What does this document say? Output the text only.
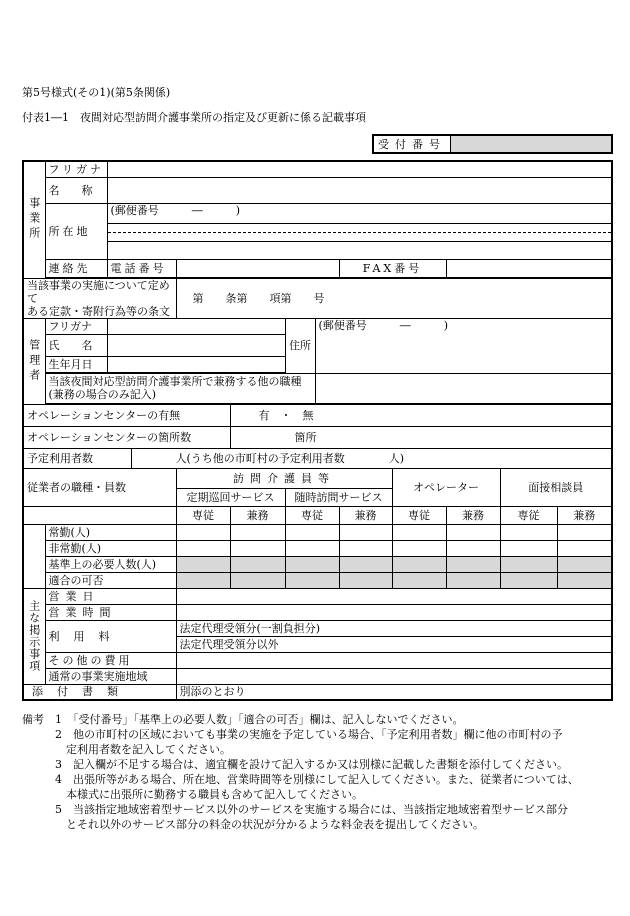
第5号様式(その1)(第5条関係)
付表1―1　夜間対応型訪問介護事業所の指定及び更新に係る記載事項
受付番号	
事業所	フリガナ											
	名　　称											
	所在地	(郵便番号　　　―　　　)										

	連絡先	電話番号						FAX番号				

当該事業の実施について定めて
ある定款・寄附行為等の条文				第　　条第　　項第　　号								
管理者	フリガナ					住所	(郵便番号　　　―　　　)					
	氏　　名											
	生年月日											

	当該夜間対応型訪問介護事業所で兼務する他の職種
(兼務の場合のみ記入)											

オペレーションセンターの有無					有　・　無							
オペレーションセンターの箇所数					箇所							
予定利用者数			人(うち他の市町村の予定利用者数　　　　人)									
従業者の職種・員数				訪問介護員等					オペレーター		面接相談員	
				定期巡回サービス		随時訪問サービス						
				専従	兼務	専従		兼務	専従	兼務	専従	兼務
	常勤(人)											
	非常勤(人)											
	基準上の必要人数(人)											
	適合の可否											
主な掲示事項	営業日											
	営業時間											
	利用料			法定代理受領分(一割負担分)								
				法定代理受領分以外								
	その他の費用											
	通常の事業実施地域											
添付書類				別添のとおり								
備考　1　「受付番号」「基準上の必要人数」「適合の可否」欄は、記入しないでください。
　　　2　他の市町村の区域においても事業の実施を予定している場合、「予定利用者数」欄に他の市町村の予
　　　　定利用者数を記入してください。
　　　3　記入欄が不足する場合は、適宜欄を設けて記入するか又は別様に記載した書類を添付してください。
　　　4　出張所等がある場合、所在地、営業時間等を別様にして記入してください。また、従業者については、
　　　　本様式に出張所に勤務する職員も含めて記入してください。
　　　5　当該指定地域密着型サービス以外のサービスを実施する場合には、当該指定地域密着型サービス部分
　　　　とそれ以外のサービス部分の料金の状況が分かるような料金表を提出してください。
